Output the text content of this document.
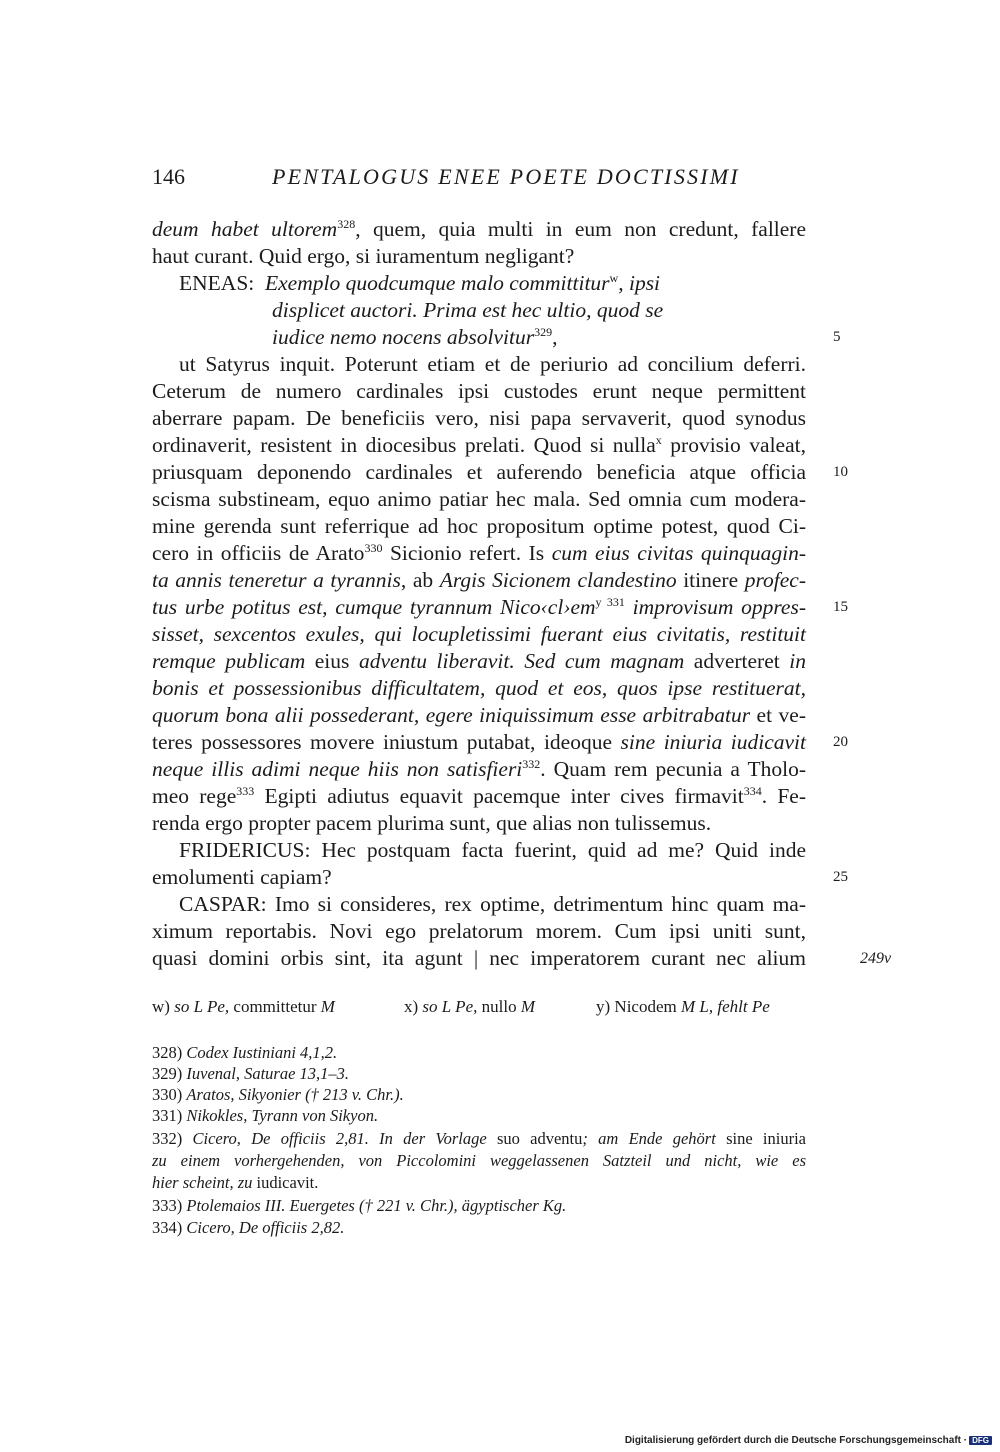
146	PENTALOGUS ENEE POETE DOCTISSIMI
deum habet ultorem$^{328}$, quem, quia multi in eum non credunt, fallere
haut curant. Quid ergo, si iuramentum negligant?
ENEAS: Exemplo quodcumque malo committitur$^w$, ipsi
displicet auctori. Prima est hec ultio, quod se
iudice nemo nocens absolvitur$^{329}$,
ut Satyrus inquit. Poterunt etiam et de periurio ad concilium deferri.
Ceterum de numero cardinales ipsi custodes erunt neque permittent
aberrare papam. De beneficiis vero, nisi papa servaverit, quod synodus
ordinaverit, resistent in diocesibus prelati. Quod si nulla$^x$ provisio valeat,
priusquam deponendo cardinales et auferendo beneficia atque officia
scisma substineam, equo animo patiar hec mala. Sed omnia cum modera-
mine gerenda sunt referrique ad hoc propositum optime potest, quod Ci-
cero in officiis de Arato$^{330}$ Sicionio refert. Is cum eius civitas quinquagin-
ta annis teneretur a tyrannis, ab Argis Sicionem clandestino itinere profec-
tus urbe potitus est, cumque tyrannum $Nico‹cl›em^{y 331}$ improvisum oppres-
sisset, sexcentos exules, qui locupletissimi fuerant eius civitatis, restituit
remque publicam eius adventu liberavit. Sed cum magnam adverteret in
bonis et possessionibus difficultatem, quod et eos, quos ipse restituerat,
quorum bona alii possederant, egere iniquissimum esse arbitrabatur et ve-
teres possessores movere iniustum putabat, ideoque sine iniuria iudicavit
neque illis adimi neque hiis non satisfieri$^{332}$. Quam rem pecunia a Tholo-
meo rege$^{333}$ Egipti adiutus equavit pacemque inter cives firmavit$^{334}$. Fe-
renda ergo propter pacem plurima sunt, que alias non tulissemus.
FRIDERICUS: Hec postquam facta fuerint, quid ad me? Quid inde
emolumenti capiam?
CASPAR: Imo si consideres, rex optime, detrimentum hinc quam ma-
ximum reportabis. Novi ego prelatorum morem. Cum ipsi uniti sunt,
quasi domini orbis sint, ita agunt | nec imperatorem curant nec alium
5
10
15
20
25
249v
w) so L Pe, committetur M	x) so L Pe, nullo M	y) Nicodem M L, fehlt Pe
328) Codex Iustiniani 4,1,2.
329) Iuvenal, Saturae 13,1–3.
330) Aratos, Sikyonier († 213 v. Chr.).
331) Nikokles, Tyrann von Sikyon.
332) Cicero, De officiis 2,81. In der Vorlage suo adventu; am Ende gehört sine iniuria
zu einem vorhergehenden, von Piccolomini weggelassenen Satzteil und nicht, wie es
hier scheint, zu iudicavit.
333) Ptolemaios III. Euergetes († 221 v. Chr.), ägyptischer Kg.
334) Cicero, De officiis 2,82.
Digitalisierung gefördert durch die Deutsche Forschungsgemeinschaft · DFG
